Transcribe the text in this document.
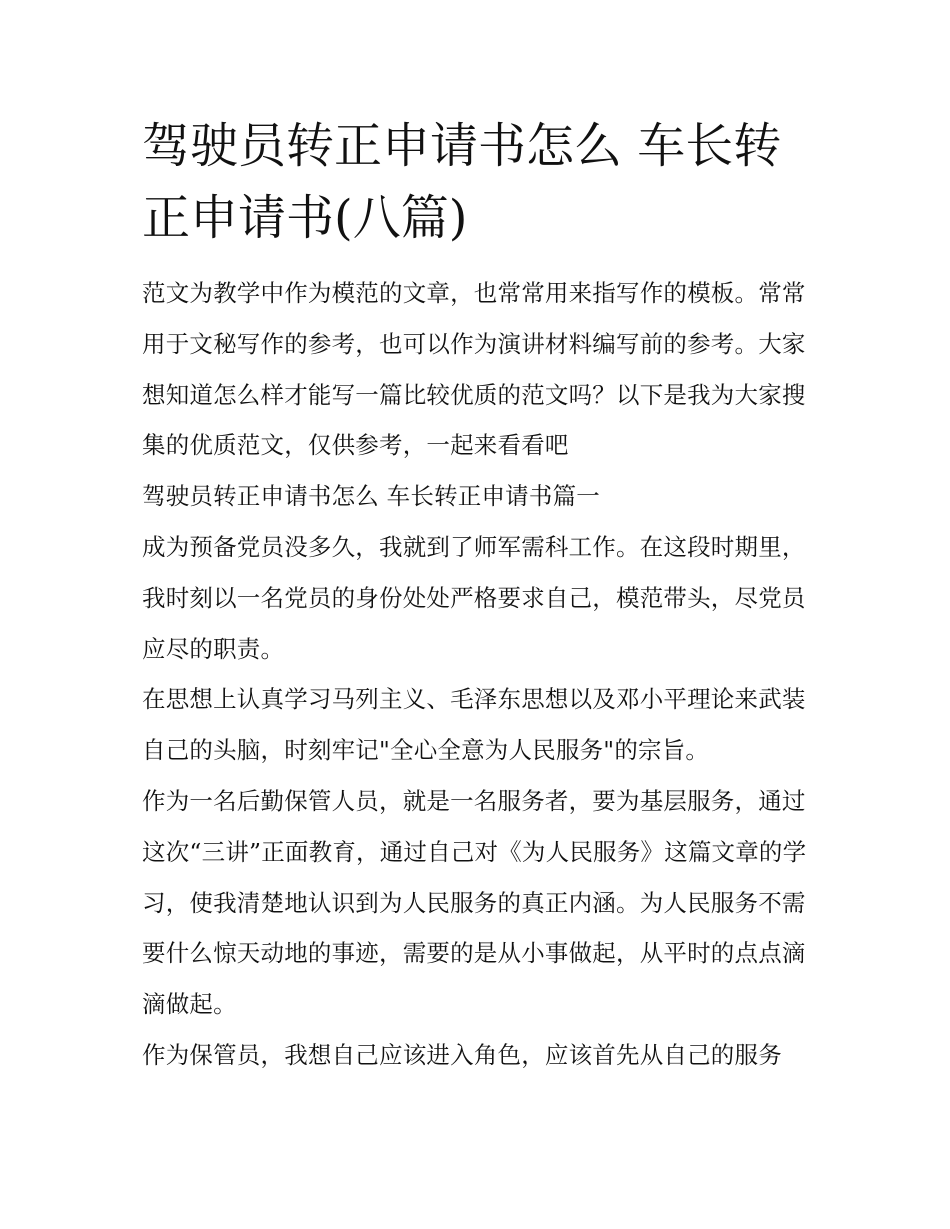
驾驶员转正申请书怎么 车长转正申请书(八篇)

范文为教学中作为模范的文章，也常常用来指写作的模板。常常用于文秘写作的参考，也可以作为演讲材料编写前的参考。大家想知道怎么样才能写一篇比较优质的范文吗？以下是我为大家搜集的优质范文，仅供参考，一起来看看吧

驾驶员转正申请书怎么 车长转正申请书篇一

成为预备党员没多久，我就到了师军需科工作。在这段时期里，我时刻以一名党员的身份处处严格要求自己，模范带头，尽党员应尽的职责。

在思想上认真学习马列主义、毛泽东思想以及邓小平理论来武装自己的头脑，时刻牢记"全心全意为人民服务"的宗旨。

作为一名后勤保管人员，就是一名服务者，要为基层服务，通过这次“三讲”正面教育，通过自己对《为人民服务》这篇文章的学习，使我清楚地认识到为人民服务的真正内涵。为人民服务不需要什么惊天动地的事迹，需要的是从小事做起，从平时的点点滴滴做起。

作为保管员，我想自己应该进入角色，应该首先从自己的服务
